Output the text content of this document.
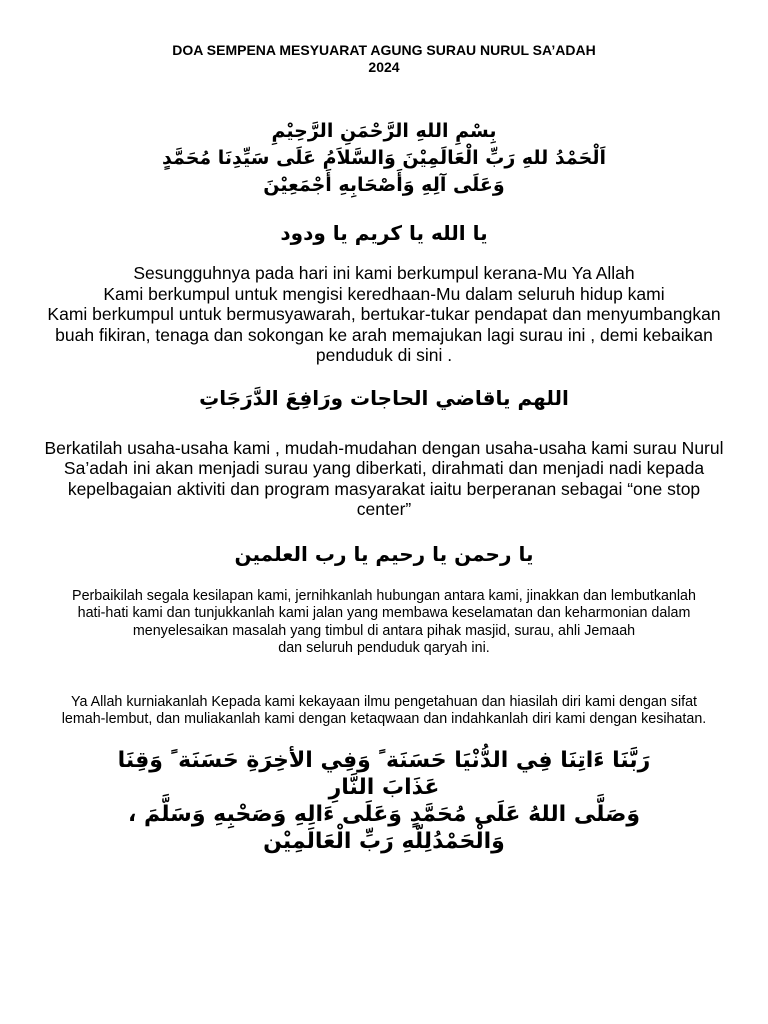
DOA SEMPENA MESYUARAT AGUNG SURAU NURUL SA’ADAH
2024

بِسْمِ اللهِ الرَّحْمَنِ الرَّحِيْمِ
اَلْحَمْدُ للهِ رَبِّ الْعَالَمِيْنَ وَالسَّلاَمُ عَلَى سَيِّدِنَا مُحَمَّدٍ
وَعَلَى آلِهِ وَأَصْحَابِهِ أَجْمَعِيْنَ

يا الله يا كريم يا ودود

Sesungguhnya pada hari ini kami berkumpul kerana-Mu Ya Allah
Kami berkumpul untuk mengisi keredhaan-Mu dalam seluruh hidup kami
Kami berkumpul untuk bermusyawarah, bertukar-tukar pendapat dan menyumbangkan
buah fikiran, tenaga dan sokongan ke arah memajukan lagi surau ini , demi kebaikan
penduduk di sini .

اللهم ياقاضي الحاجات ورَافِعَ الدَّرَجَاتِ

Berkatilah usaha-usaha kami , mudah-mudahan dengan usaha-usaha kami surau Nurul
Sa’adah ini akan menjadi surau yang diberkati, dirahmati dan menjadi nadi kepada
kepelbagaian aktiviti dan program masyarakat iaitu berperanan sebagai “one stop center”

يا رحمن يا رحيم يا رب العلمين

Perbaikilah segala kesilapan kami, jernihkanlah hubungan antara kami, jinakkan dan lembutkanlah
hati-hati kami dan tunjukkanlah kami jalan yang membawa keselamatan dan keharmonian dalam
menyelesaikan masalah yang timbul di antara pihak masjid, surau, ahli Jemaah
dan seluruh penduduk qaryah ini.

Ya Allah kurniakanlah Kepada kami kekayaan ilmu pengetahuan dan hiasilah diri kami dengan sifat
lemah-lembut, dan muliakanlah kami dengan ketaqwaan dan indahkanlah diri kami dengan kesihatan.

رَبَّنَا ءَاتِنَا فِي الدُّنْيَا حَسَنَة ً وَفِي الأخِرَةِ حَسَنَة ً وَقِنَا
عَذَابَ النَّارِ
وَصَلَّى اللهُ عَلَى مُحَمَّدٍ وَعَلَى ءَالِهِ وَصَحْبِهِ وَسَلَّمَ ،
وَالْحَمْدُلِلّهِ رَبِّ الْعَالَمِيْن
